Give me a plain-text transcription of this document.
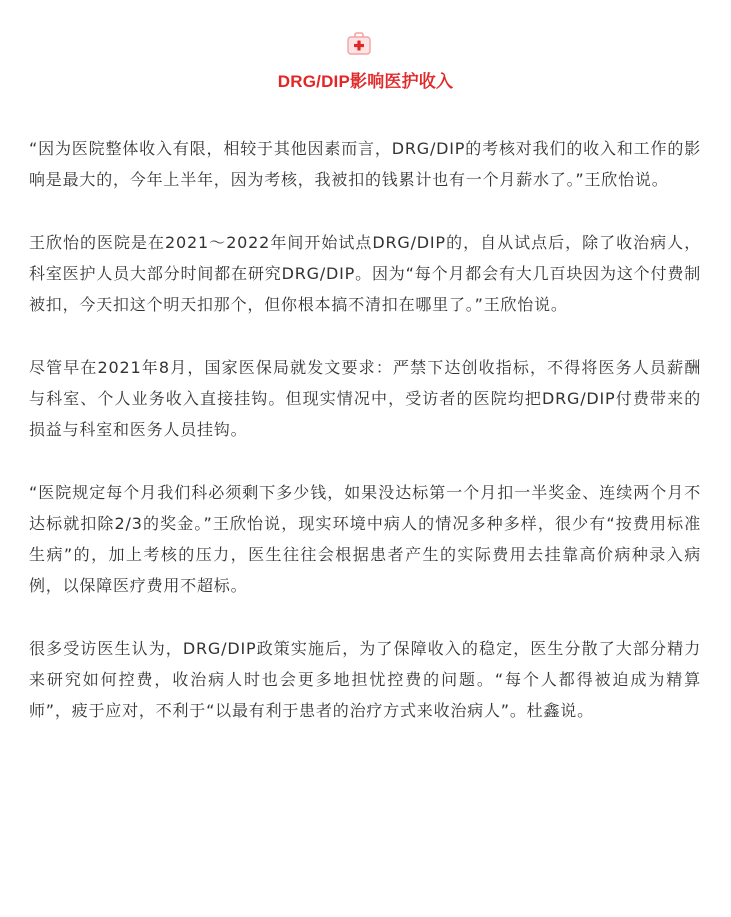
DRG/DIP影响医护收入

“因为医院整体收入有限，相较于其他因素而言，DRG/DIP的考核对我们的收入和工作的影响是最大的，今年上半年，因为考核，我被扣的钱累计也有一个月薪水了。”王欣怡说。

王欣怡的医院是在2021～2022年间开始试点DRG/DIP的，自从试点后，除了收治病人，科室医护人员大部分时间都在研究DRG/DIP。因为“每个月都会有大几百块因为这个付费制被扣，今天扣这个明天扣那个，但你根本搞不清扣在哪里了。”王欣怡说。

尽管早在2021年8月，国家医保局就发文要求：严禁下达创收指标，不得将医务人员薪酬与科室、个人业务收入直接挂钩。但现实情况中，受访者的医院均把DRG/DIP付费带来的损益与科室和医务人员挂钩。

“医院规定每个月我们科必须剩下多少钱，如果没达标第一个月扣一半奖金、连续两个月不达标就扣除2/3的奖金。”王欣怡说，现实环境中病人的情况多种多样，很少有“按费用标准生病”的，加上考核的压力，医生往往会根据患者产生的实际费用去挂靠高价病种录入病例，以保障医疗费用不超标。

很多受访医生认为，DRG/DIP政策实施后，为了保障收入的稳定，医生分散了大部分精力来研究如何控费，收治病人时也会更多地担忧控费的问题。“每个人都得被迫成为精算师”，疲于应对，不利于“以最有利于患者的治疗方式来收治病人”。杜鑫说。
